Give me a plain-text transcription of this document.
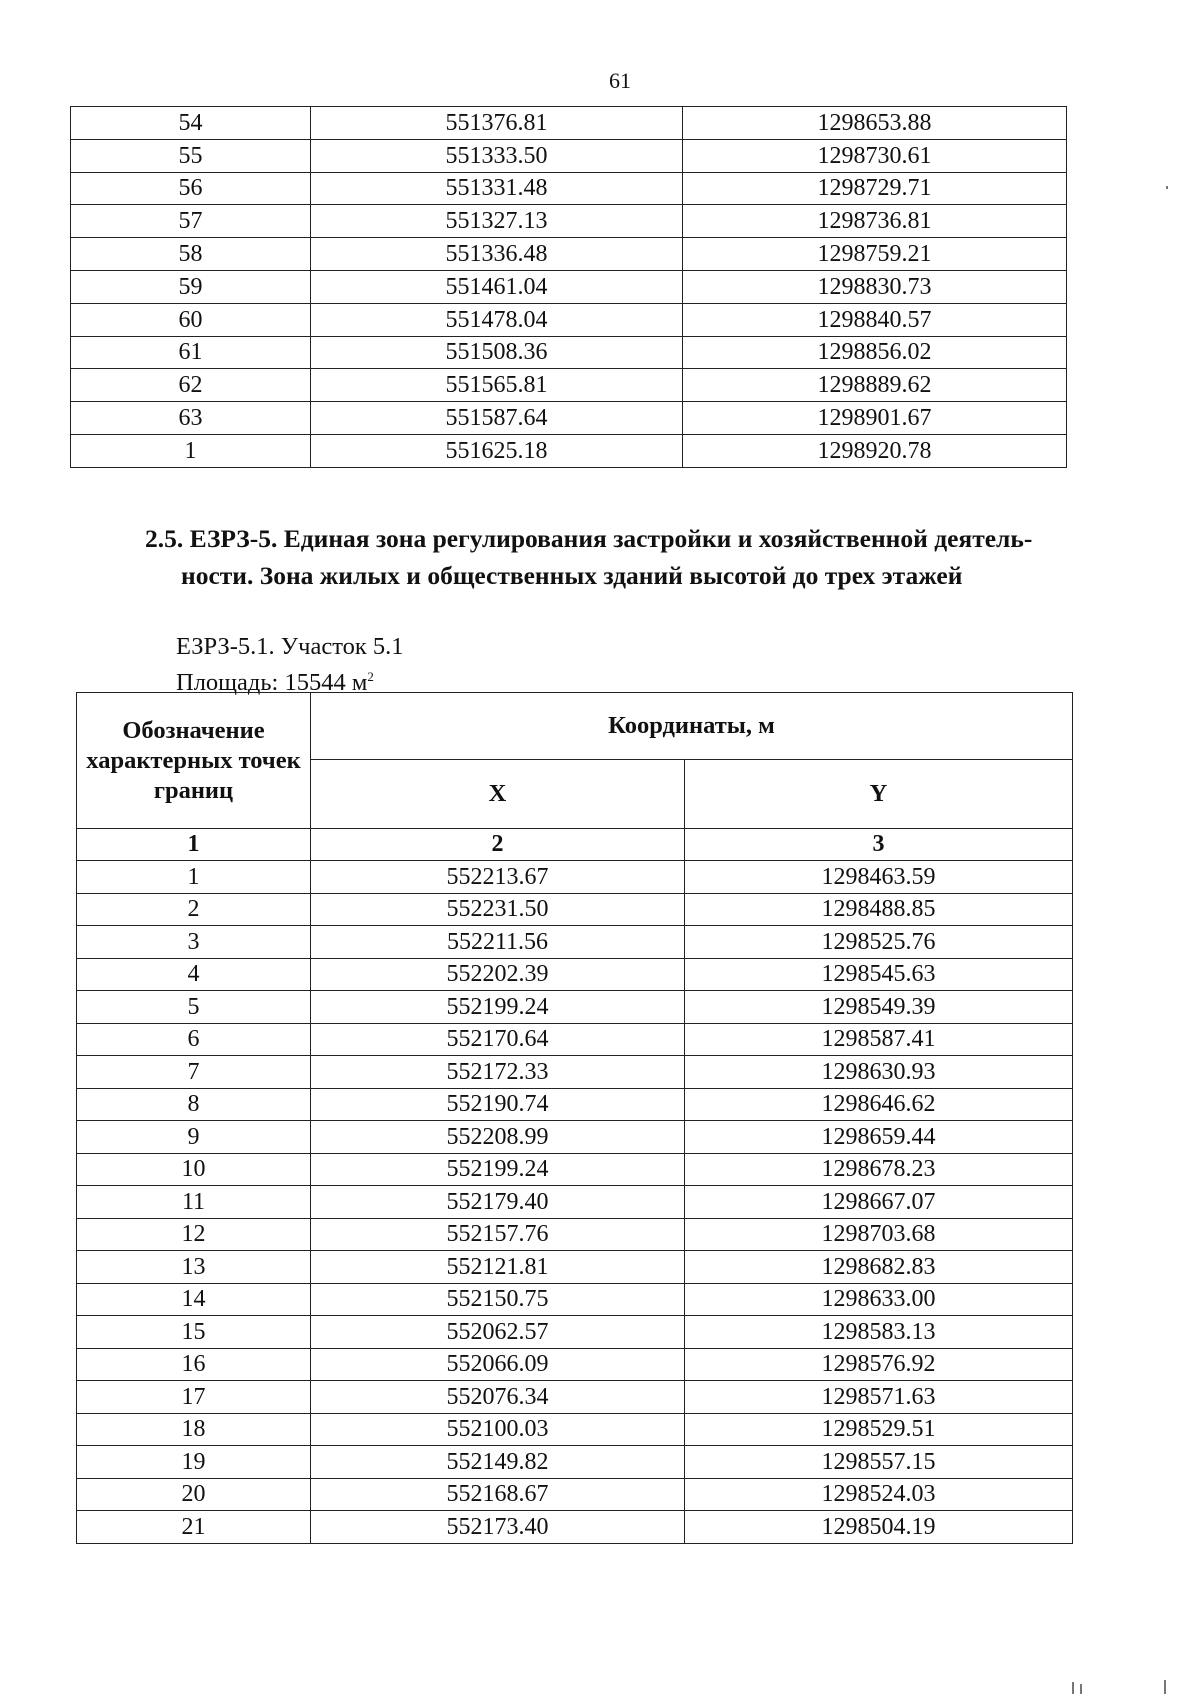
61
54	551376.81	1298653.88
55	551333.50	1298730.61
56	551331.48	1298729.71
57	551327.13	1298736.81
58	551336.48	1298759.21
59	551461.04	1298830.73
60	551478.04	1298840.57
61	551508.36	1298856.02
62	551565.81	1298889.62
63	551587.64	1298901.67
1	551625.18	1298920.78
2.5. ЕЗРЗ-5. Единая зона регулирования застройки и хозяйственной деятель-
ности. Зона жилых и общественных зданий высотой до трех этажей
ЕЗРЗ-5.1. Участок 5.1
Площадь: 15544 $м^2$
Обозначение характерных точек границ	Координаты, м	
	X	Y
1	2	3
1	552213.67	1298463.59
2	552231.50	1298488.85
3	552211.56	1298525.76
4	552202.39	1298545.63
5	552199.24	1298549.39
6	552170.64	1298587.41
7	552172.33	1298630.93
8	552190.74	1298646.62
9	552208.99	1298659.44
10	552199.24	1298678.23
11	552179.40	1298667.07
12	552157.76	1298703.68
13	552121.81	1298682.83
14	552150.75	1298633.00
15	552062.57	1298583.13
16	552066.09	1298576.92
17	552076.34	1298571.63
18	552100.03	1298529.51
19	552149.82	1298557.15
20	552168.67	1298524.03
21	552173.40	1298504.19
